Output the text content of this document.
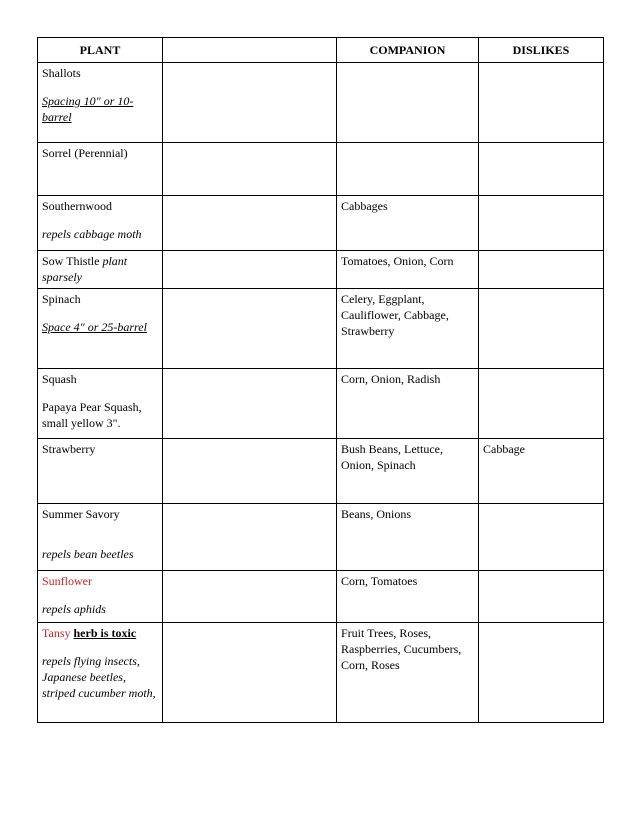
PLANT		COMPANION	DISLIKES

Shallots
Spacing 10" or 10-barrel			

Sorrel (Perennial)			

Southernwood
repels cabbage moth		Cabbages	
Sow Thistle plant sparsely		Tomatoes, Onion, Corn	

Spinach
Space 4" or 25-barrel		Celery, Eggplant, Cauliflower, Cabbage, Strawberry	

Squash
Papaya Pear Squash, small yellow 3".		Corn, Onion, Radish	

Strawberry		Bush Beans, Lettuce, Onion, Spinach	Cabbage

Summer Savory
repels bean beetles		Beans, Onions	

Sunflower
repels aphids		Corn, Tomatoes	

Tansy herb is toxic
repels flying insects, Japanese beetles, striped cucumber moth,		Fruit Trees, Roses, Raspberries, Cucumbers, Corn, Roses	
